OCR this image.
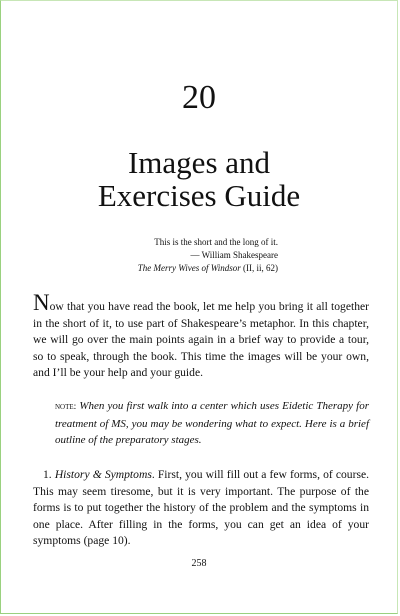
20
Images and
Exercises Guide
This is the short and the long of it.
— William Shakespeare
The Merry Wives of Windsor (II, ii, 62)

Now that you have read the book, let me help you bring it all together in the short of it, to use part of Shakespeare’s metaphor. In this chapter, we will go over the main points again in a brief way to provide a tour, so to speak, through the book. This time the images will be your own, and I’ll be your help and your guide.

note: When you first walk into a center which uses Eidetic Therapy for treatment of MS, you may be wondering what to expect. Here is a brief outline of the preparatory stages.

1. History & Symptoms. First, you will fill out a few forms, of course. This may seem tiresome, but it is very important. The purpose of the forms is to put together the history of the problem and the symptoms in one place. After filling in the forms, you can get an idea of your symptoms (page 10).

258
